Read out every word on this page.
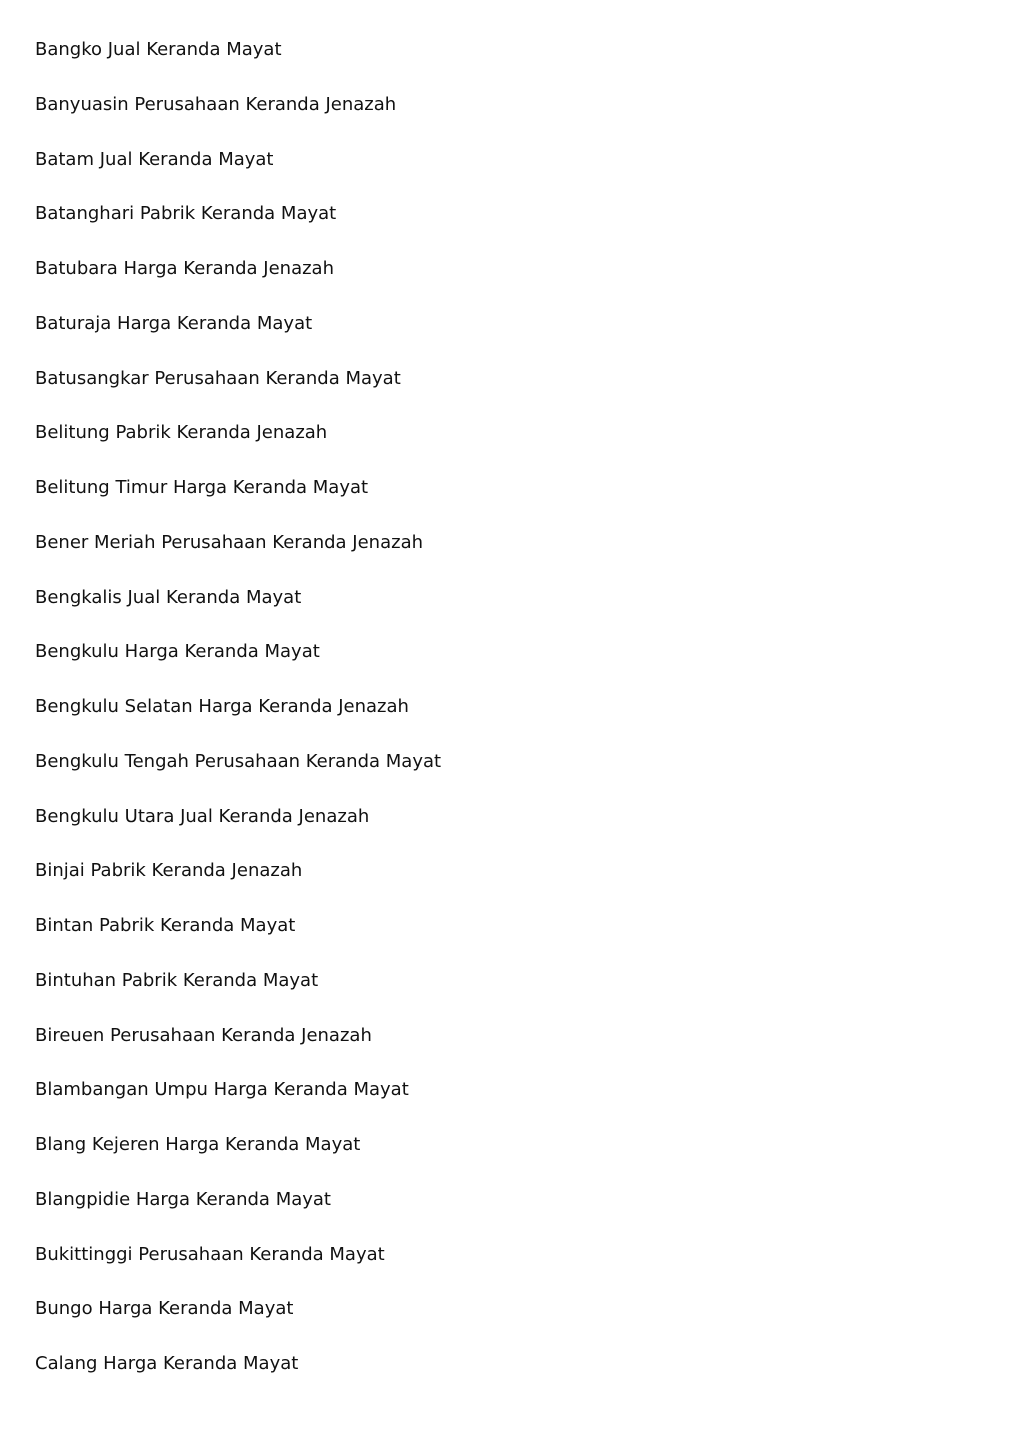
Bangko Jual Keranda Mayat
Banyuasin Perusahaan Keranda Jenazah
Batam Jual Keranda Mayat
Batanghari Pabrik Keranda Mayat
Batubara Harga Keranda Jenazah
Baturaja Harga Keranda Mayat
Batusangkar Perusahaan Keranda Mayat
Belitung Pabrik Keranda Jenazah
Belitung Timur Harga Keranda Mayat
Bener Meriah Perusahaan Keranda Jenazah
Bengkalis Jual Keranda Mayat
Bengkulu Harga Keranda Mayat
Bengkulu Selatan Harga Keranda Jenazah
Bengkulu Tengah Perusahaan Keranda Mayat
Bengkulu Utara Jual Keranda Jenazah
Binjai Pabrik Keranda Jenazah
Bintan Pabrik Keranda Mayat
Bintuhan Pabrik Keranda Mayat
Bireuen Perusahaan Keranda Jenazah
Blambangan Umpu Harga Keranda Mayat
Blang Kejeren Harga Keranda Mayat
Blangpidie Harga Keranda Mayat
Bukittinggi Perusahaan Keranda Mayat
Bungo Harga Keranda Mayat
Calang Harga Keranda Mayat
